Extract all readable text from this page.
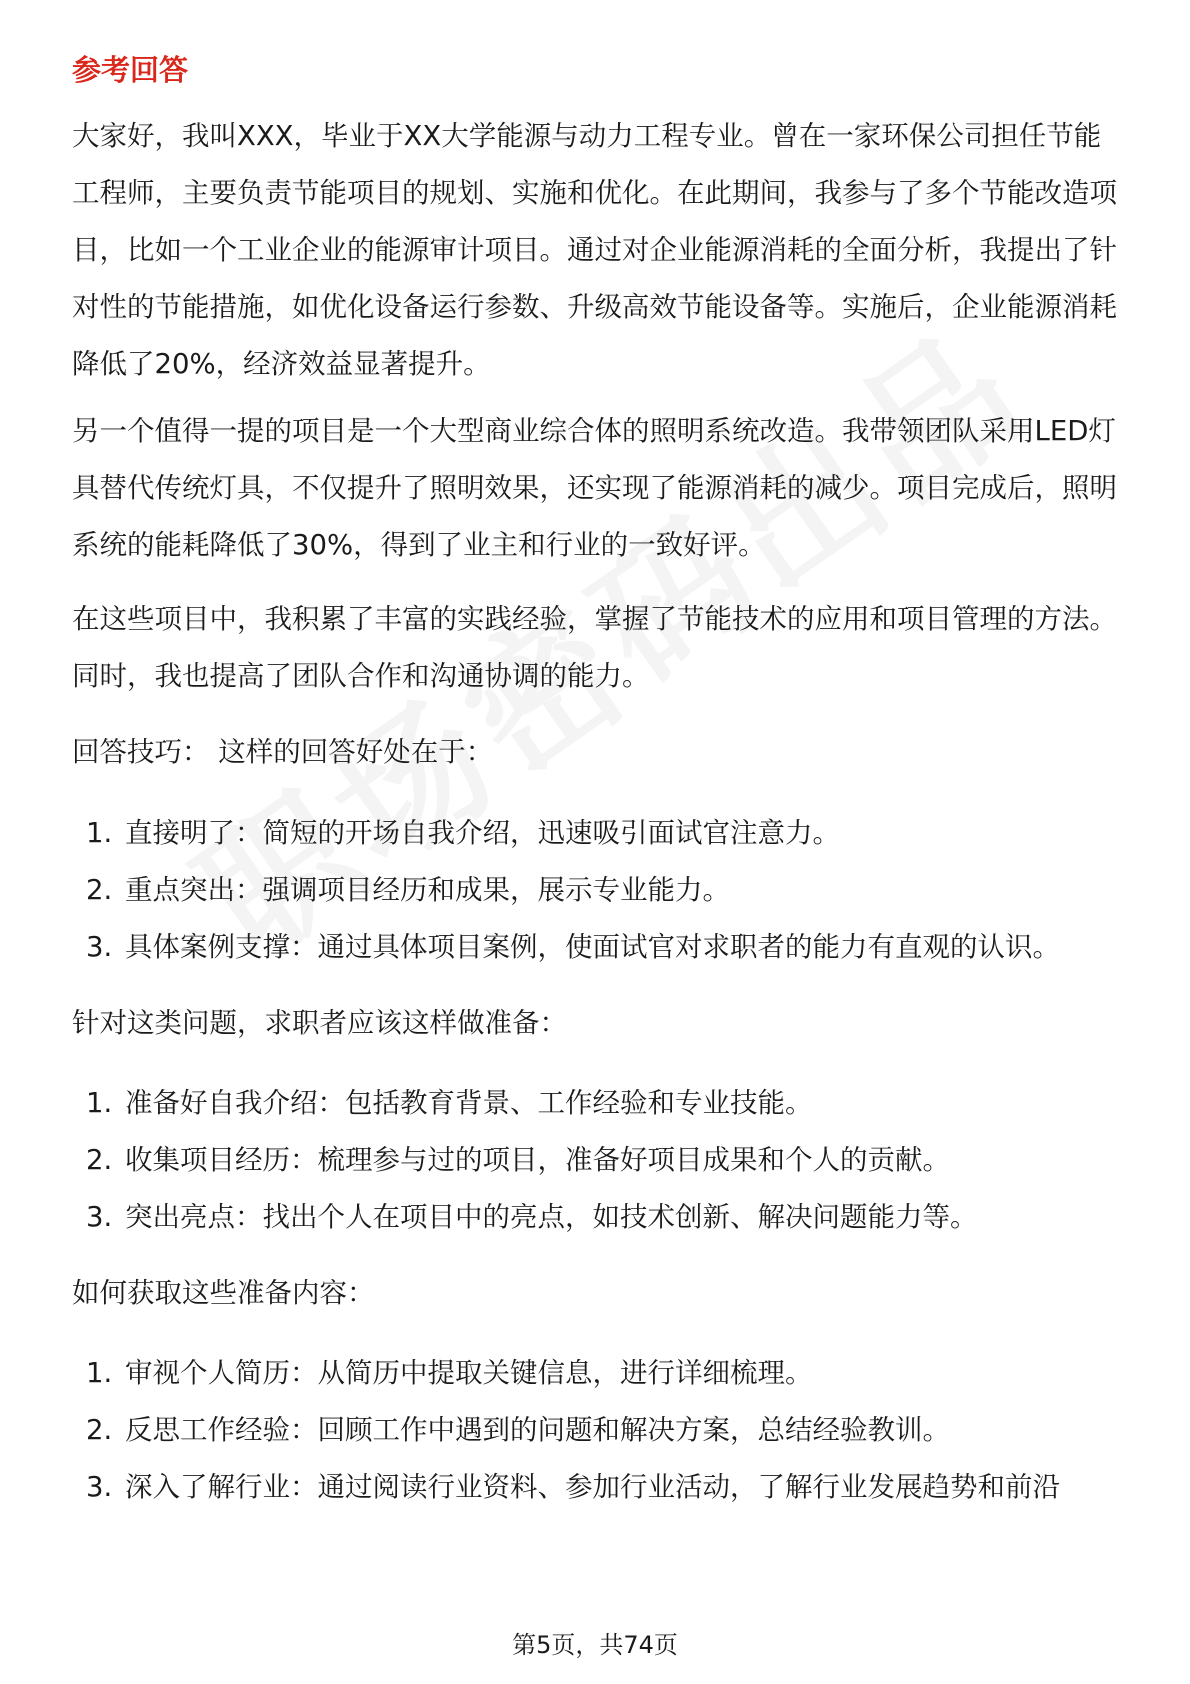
参考回答

大家好，我叫XXX，毕业于XX大学能源与动力工程专业。曾在一家环保公司担任节能工程师，主要负责节能项目的规划、实施和优化。在此期间，我参与了多个节能改造项目，比如一个工业企业的能源审计项目。通过对企业能源消耗的全面分析，我提出了针对性的节能措施，如优化设备运行参数、升级高效节能设备等。实施后，企业能源消耗降低了20%，经济效益显著提升。

另一个值得一提的项目是一个大型商业综合体的照明系统改造。我带领团队采用LED灯具替代传统灯具，不仅提升了照明效果，还实现了能源消耗的减少。项目完成后，照明系统的能耗降低了30%，得到了业主和行业的一致好评。

在这些项目中，我积累了丰富的实践经验，掌握了节能技术的应用和项目管理的方法。同时，我也提高了团队合作和沟通协调的能力。

回答技巧： 这样的回答好处在于：

1. 直接明了：简短的开场自我介绍，迅速吸引面试官注意力。
2. 重点突出：强调项目经历和成果，展示专业能力。
3. 具体案例支撑：通过具体项目案例，使面试官对求职者的能力有直观的认识。

针对这类问题，求职者应该这样做准备：

1. 准备好自我介绍：包括教育背景、工作经验和专业技能。
2. 收集项目经历：梳理参与过的项目，准备好项目成果和个人的贡献。
3. 突出亮点：找出个人在项目中的亮点，如技术创新、解决问题能力等。

如何获取这些准备内容：

1. 审视个人简历：从简历中提取关键信息，进行详细梳理。
2. 反思工作经验：回顾工作中遇到的问题和解决方案，总结经验教训。
3. 深入了解行业：通过阅读行业资料、参加行业活动，了解行业发展趋势和前沿
第5页，共74页
